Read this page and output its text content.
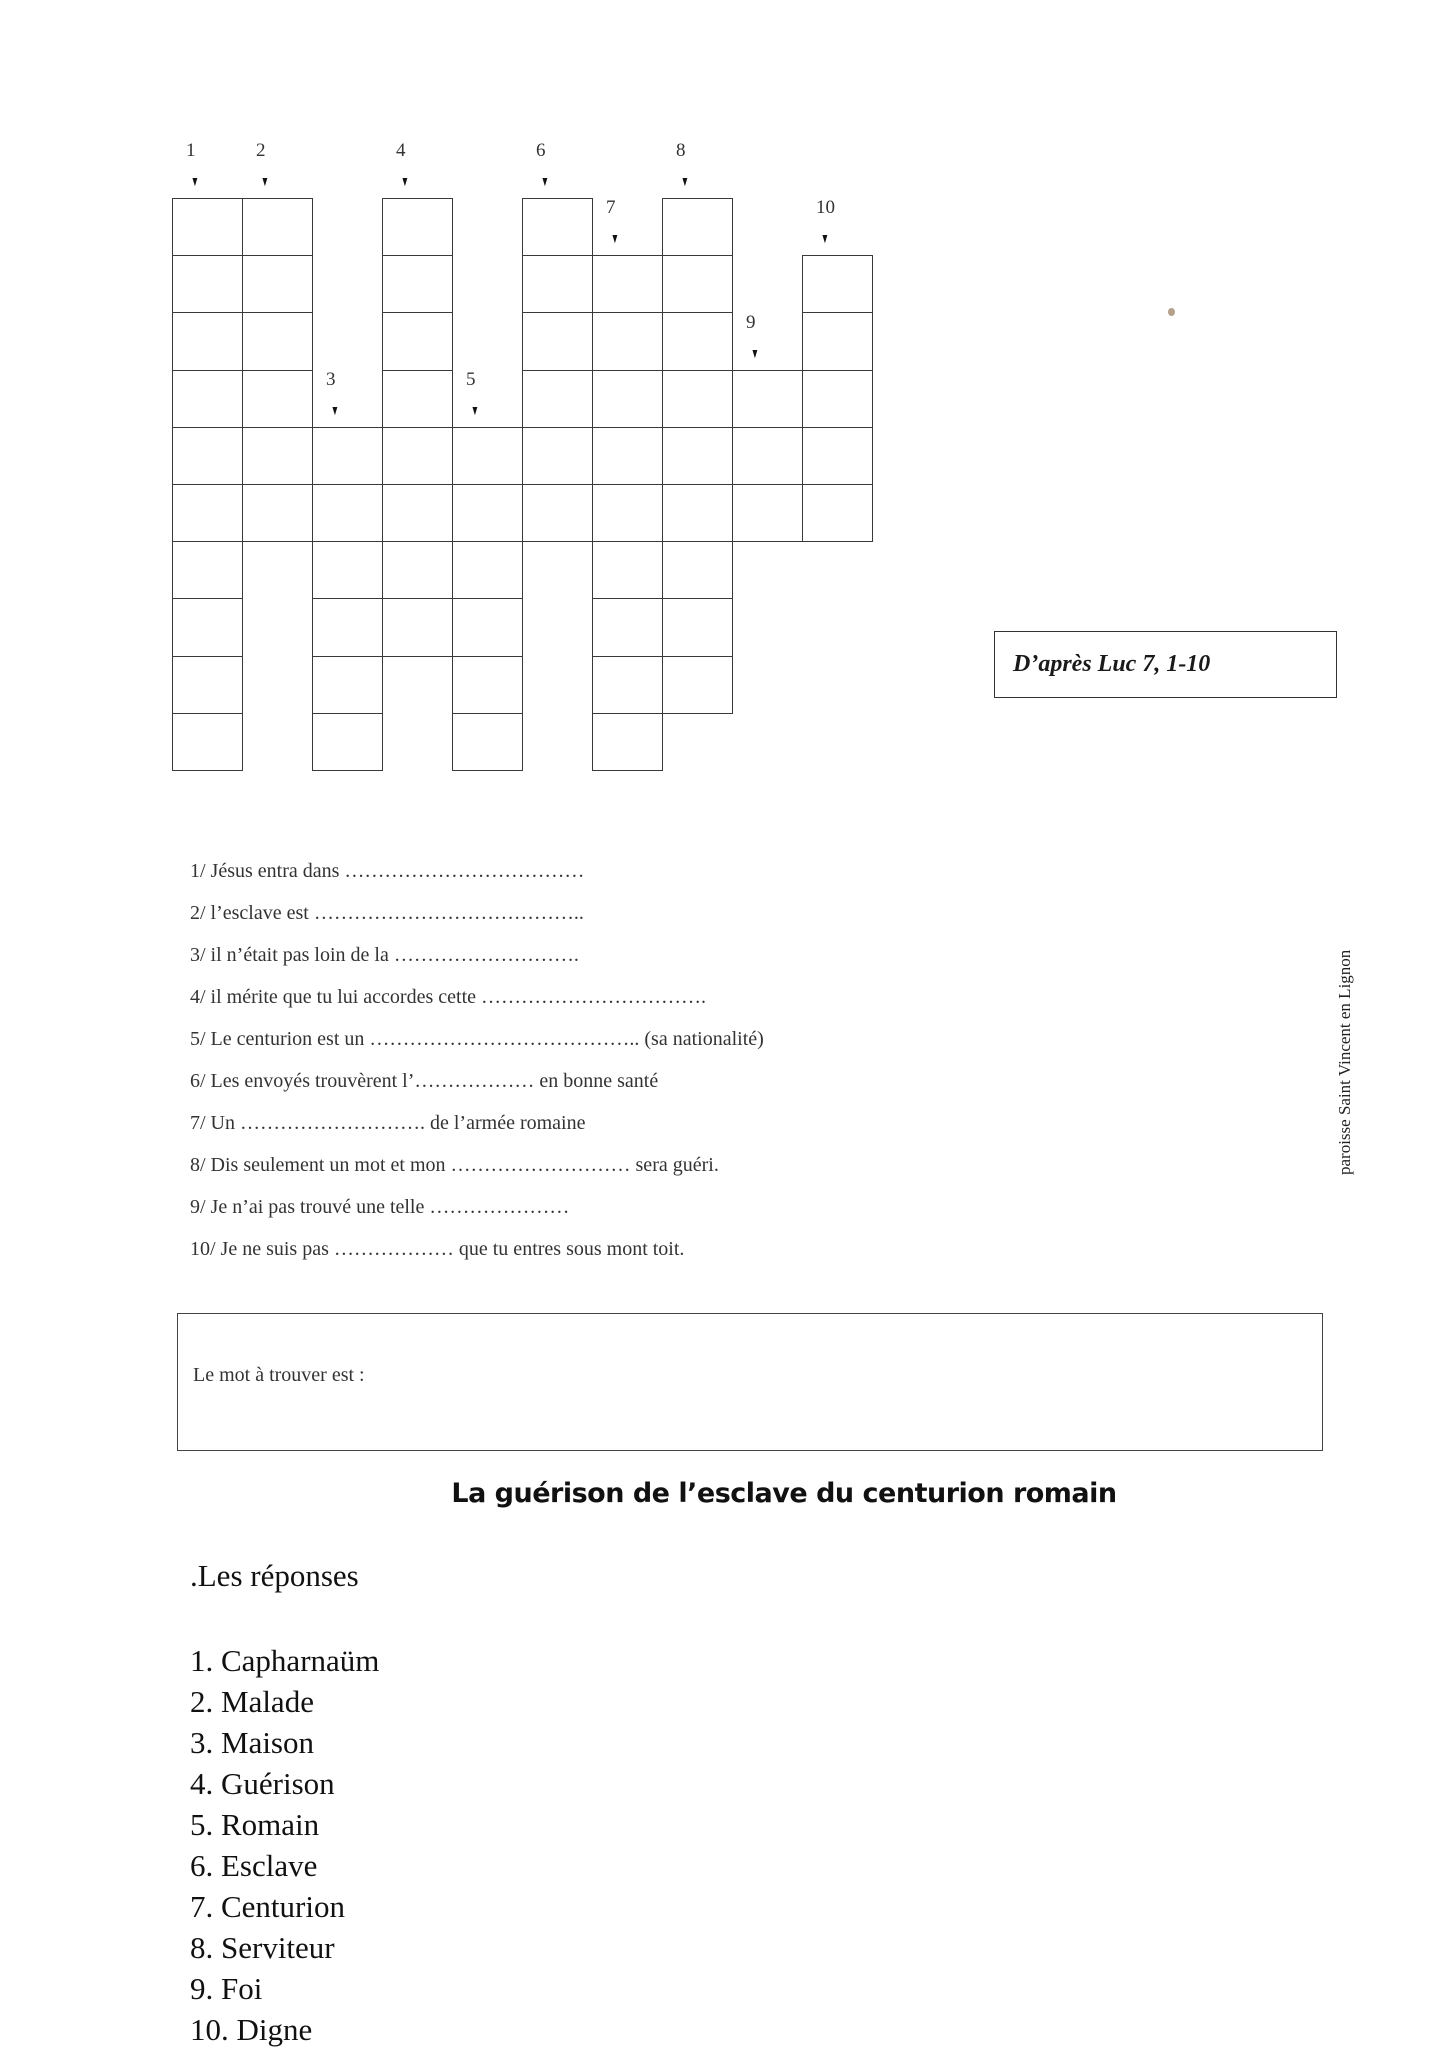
1
▼
2
▼
3
▼
4
▼
5
▼
6
▼
7
▼
8
▼
9
▼
10
▼
D’après Luc 7, 1-10
paroisse Saint Vincent en Lignon
1/ Jésus entra dans ………………………………
2/ l’esclave est …………………………………..
3/ il n’était pas loin de la ……………………….
4/ il mérite que tu lui accordes cette …………………………….
5/ Le centurion est un ………………………………….. (sa nationalité)
6/ Les envoyés trouvèrent l’……………… en bonne santé
7/ Un ………………………. de l’armée romaine
8/ Dis seulement un mot et mon ……………………… sera guéri.
9/ Je n’ai pas trouvé une telle …………………
10/ Je ne suis pas ……………… que tu entres sous mont toit.
Le mot à trouver est :
La guérison de l’esclave du centurion romain
.Les réponses
1. Capharnaüm
2. Malade
3. Maison
4. Guérison
5. Romain
6. Esclave
7. Centurion
8. Serviteur
9. Foi
10. Digne
